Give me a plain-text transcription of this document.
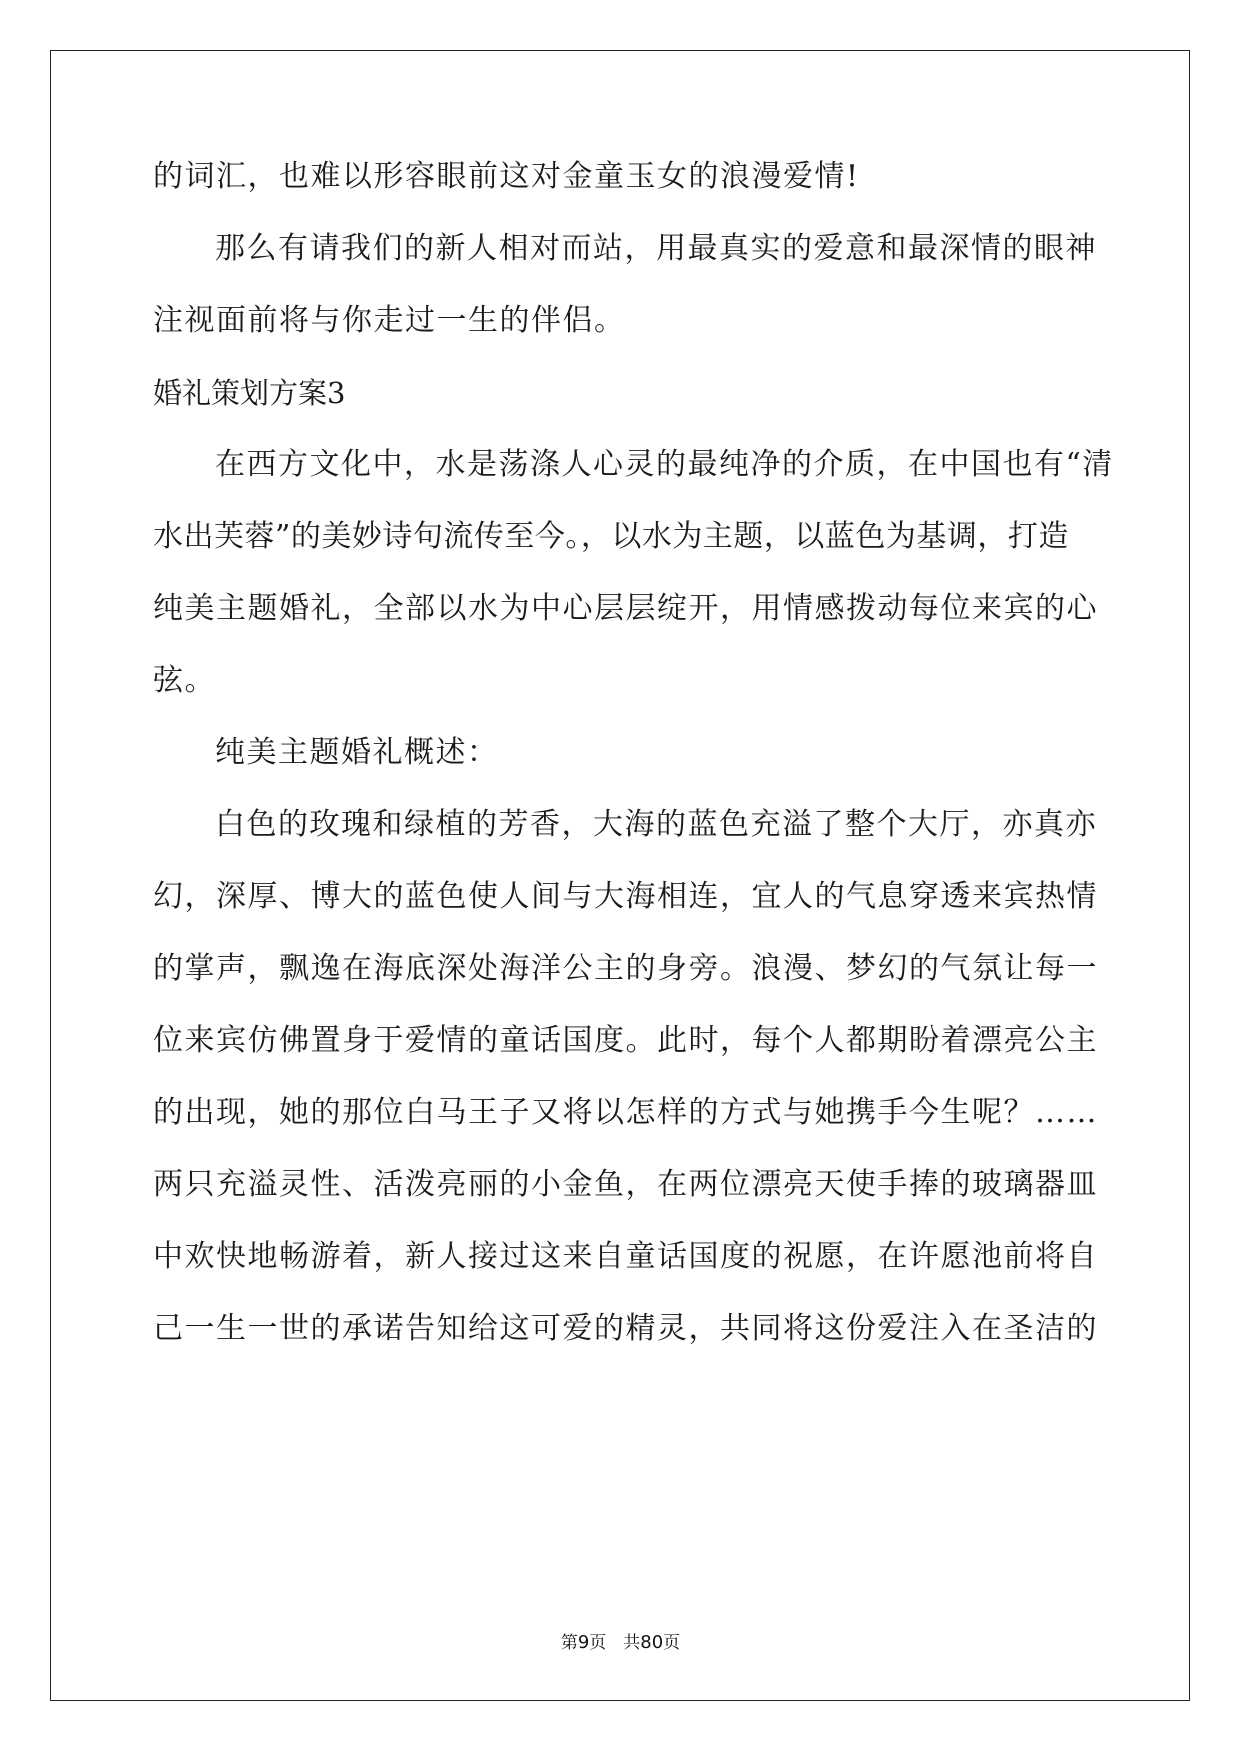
的词汇，也难以形容眼前这对金童玉女的浪漫爱情!
那么有请我们的新人相对而站，用最真实的爱意和最深情的眼神
注视面前将与你走过一生的伴侣。
婚礼策划方案3
在西方文化中，水是荡涤人心灵的最纯净的介质，在中国也有“清
水出芙蓉”的美妙诗句流传至今。，以水为主题，以蓝色为基调，打造
纯美主题婚礼，全部以水为中心层层绽开，用情感拨动每位来宾的心
弦。
纯美主题婚礼概述：
白色的玫瑰和绿植的芳香，大海的蓝色充溢了整个大厅，亦真亦
幻，深厚、博大的蓝色使人间与大海相连，宜人的气息穿透来宾热情
的掌声，飘逸在海底深处海洋公主的身旁。浪漫、梦幻的气氛让每一
位来宾仿佛置身于爱情的童话国度。此时，每个人都期盼着漂亮公主
的出现，她的那位白马王子又将以怎样的方式与她携手今生呢？……
两只充溢灵性、活泼亮丽的小金鱼，在两位漂亮天使手捧的玻璃器皿
中欢快地畅游着，新人接过这来自童话国度的祝愿，在许愿池前将自
己一生一世的承诺告知给这可爱的精灵，共同将这份爱注入在圣洁的
第9页　共80页
